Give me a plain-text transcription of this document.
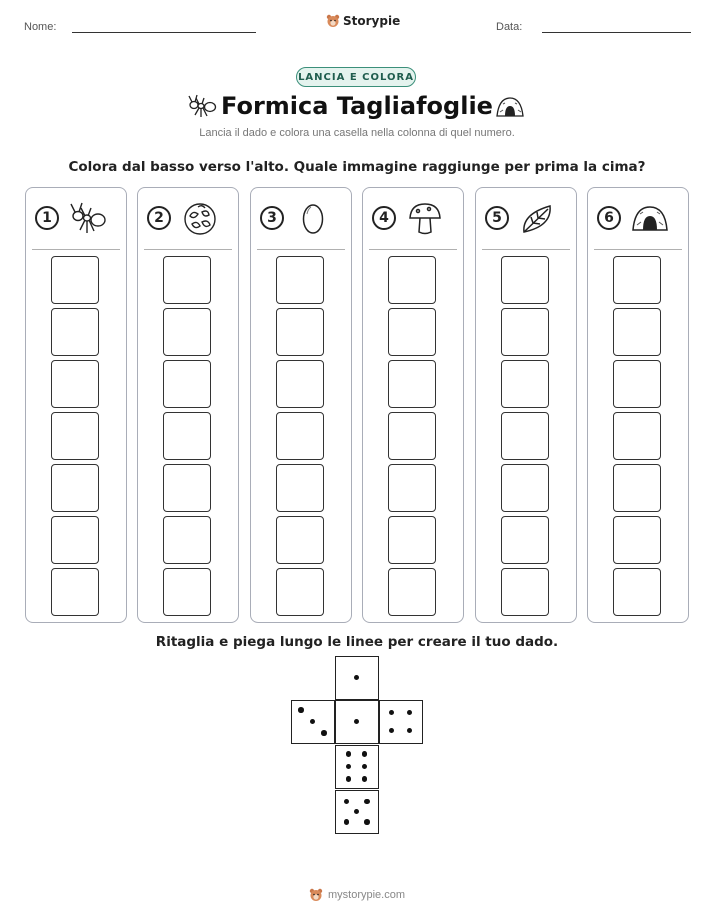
Nome:	Storypie	Data:
LANCIA E COLORA
Formica Tagliafoglie
Lancia il dado e colora una casella nella colonna di quel numero.
Colora dal basso verso l'alto. Quale immagine raggiunge per prima la cima?
1	2	3	4	5	6
Ritaglia e piega lungo le linee per creare il tuo dado.
mystorypie.com
